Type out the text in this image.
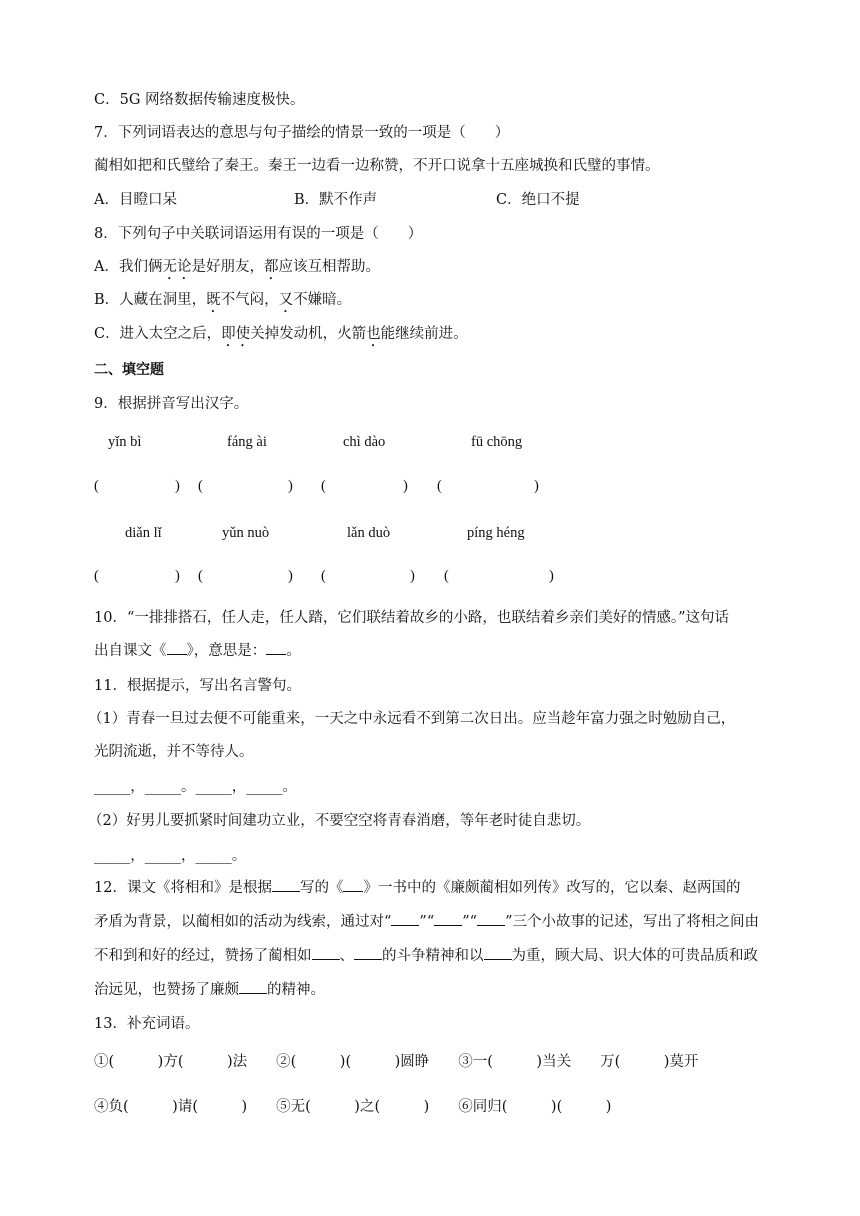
C．5G 网络数据传输速度极快。
7．下列词语表达的意思与句子描绘的情景一致的一项是（　　）
蔺相如把和氏璧给了秦王。秦王一边看一边称赞，不开口说拿十五座城换和氏璧的事情。
A．目瞪口呆	B．默不作声	C．绝口不提
8．下列句子中关联词语运用有误的一项是（　　）
A．我们俩无论是好朋友，都应该互相帮助。
B．人藏在洞里，既不气闷，又不嫌暗。
C．进入太空之后，即使关掉发动机，火箭也能继续前进。
二、填空题
9．根据拼音写出汉字。
yǐn bì	fáng ài	chì dào	fū chōng
(	) (	) (	) (	)
diǎn lǐ	yǔn nuò	lǎn duò	píng héng
(	) (	) (	) (	)
10．“一排排搭石，任人走，任人踏，它们联结着故乡的小路，也联结着乡亲们美好的情感。”这句话
出自课文《 》，意思是： 。
11．根据提示，写出名言警句。
（1）青春一旦过去便不可能重来，一天之中永远看不到第二次日出。应当趁年富力强之时勉励自己，
光阴流逝，并不等待人。
_____，_____。_____，_____。
（2）好男儿要抓紧时间建功立业，不要空空将青春消磨，等年老时徒自悲切。
_____，_____，_____。
12．课文《将相和》是根据 写的《 》一书中的《廉颇蔺相如列传》改写的，它以秦、赵两国的
矛盾为背景，以蔺相如的活动为线索，通过对“ ”“ ”“ ”三个小故事的记述，写出了将相之间由
不和到和好的经过，赞扬了蔺相如 、 的斗争精神和以 为重，顾大局、识大体的可贵品质和政
治远见，也赞扬了廉颇 的精神。
13．补充词语。
①(　　　)方(　　　)法　　②(　　　)(　　　)圆睁　　③一(　　　)当关　　万(　　　)莫开
④负(　　　)请(　　　)　　⑤无(　　　)之(　　　)　　⑥同归(　　　)(　　　)
